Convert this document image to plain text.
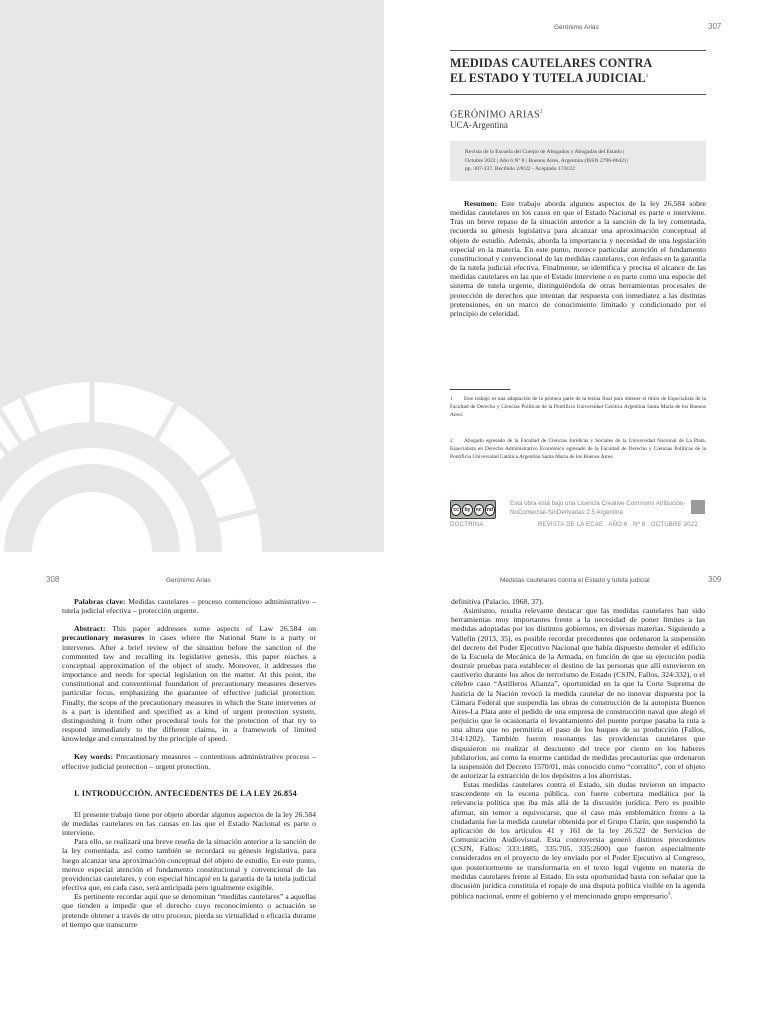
Gerónimo Arias	307
MEDIDAS CAUTELARES CONTRA
EL ESTADO Y TUTELA JUDICIAL$^1$
GERÓNIMO ARIAS$^2$
UCA-Argentina
Revista de la Escuela del Cuerpo de Abogados y Abogadas del Estado |
Octubre 2022 | Año 6 Nº 8 | Buenos Aires, Argentina (ISSN 2796-8642) |
pp. 307-337. Recibido 2/8/22 - Aceptado 17/8/22

Resumen: Este trabajo aborda algunos aspectos de la ley 26.584 sobre medidas cautelares en los casos en que el Estado Nacional es parte o interviene. Tras un breve repaso de la situación anterior a la sanción de la ley comentada, recuerda su génesis legislativa para alcanzar una aproximación conceptual al objeto de estudio. Además, aborda la importancia y necesidad de una legislación especial en la materia. En este punto, merece particular atención el fundamento constitucional y convencional de las medidas cautelares, con énfasis en la garantía de la tutela judicial efectiva. Finalmente, se identifica y precisa el alcance de las medidas cautelares en las que el Estado interviene o es parte como una especie del sistema de tutela urgente, distinguiéndola de otras herramientas procesales de protección de derechos que intentan dar respuesta con inmediatez a las distintas pretensiones, en un marco de conocimiento limitado y condicionado por el principio de celeridad.

1 Este trabajo es una adaptación de la primera parte de la tesina final para obtener el título de Especialista de la Facultad de Derecho y Ciencias Políticas de la Pontificia Universidad Católica Argentina Santa María de los Buenos Aires.

2 Abogado egresado de la Facultad de Ciencias Jurídicas y Sociales de la Universidad Nacional de La Plata. Especialista en Derecho Administrativo Económico egresado de la Facultad de Derecho y Ciencias Políticas de la Pontificia Universidad Católica Argentina Santa María de los Buenos Aires.

cc	by	nc	nd
Esta obra está bajo una Licencia Creative Commons Atribución-NoComercial-SinDerivadas 2.5 Argentina
DOCTRINA	REVISTA DE LA ECAE . AÑO 6 . Nº 8 . OCTUBRE 2022
308	Gerónimo Arias

Palabras clave: Medidas cautelares – proceso contencioso administrativo – tutela judicial efectiva – protección urgente.

Abstract: This paper addresses some aspects of Law 26.584 on precautionary measures in cases where the National State is a party or intervenes. After a brief review of the situation before the sanction of the commented law and recalling its legislative genesis, this paper reaches a conceptual approximation of the object of study. Moreover, it addresses the importance and needs for special legislation on the matter. At this point, the constitutional and conventional foundation of precautionary measures deserves particular focus, emphasizing the guarantee of effective judicial protection. Finally, the scope of the precautionary measures in which the State intervenes or is a part is identified and specified as a kind of urgent protection system, distinguishing it from other procedural tools for the protection of that try to respond immediately to the different claims, in a framework of limited knowledge and constrained by the principle of speed.

Key words: Precautionary measures – contentious administrative process – effective judicial protection – urgent protection.

I. INTRODUCCIÓN. ANTECEDENTES DE LA LEY 26.854

El presente trabajo tiene por objeto abordar algunos aspectos de la ley 26.584 de medidas cautelares en las causas en las que el Estado Nacional es parte o interviene.

Para ello, se realizará una breve reseña de la situación anterior a la sanción de la ley comentada, así como también se recordará su génesis legislativa, para luego alcanzar una aproximación conceptual del objeto de estudio. En este punto, merece especial atención el fundamento constitucional y convencional de las providencias cautelares, y con especial hincapié en la garantía de la tutela judicial efectiva que, en cada caso, será anticipada pero igualmente exigible.

Es pertinente recordar aquí que se denominan “medidas cautelares” a aquellas que tienden a impedir que el derecho cuyo reconocimiento o actuación se pretende obtener a través de otro proceso, pierda su virtualidad o eficacia durante el tiempo que transcurre

Medidas cautelares contra el Estado y tutela judicial	309

definitiva (Palacio, 1968, 37).

Asimismo, resulta relevante destacar que las medidas cautelares han sido herramientas muy importantes frente a la necesidad de poner límites a las medidas adoptadas por los distintos gobiernos, en diversas materias. Siguiendo a Vallefín (2013, 35), es posible recordar precedentes que ordenaron la suspensión del decreto del Poder Ejecutivo Nacional que había dispuesto demoler el edificio de la Escuela de Mecánica de la Armada, en función de que su ejecución podía destruir pruebas para establecer el destino de las personas que allí estuvieron en cautiverio durante los años de terrorismo de Estado (CSJN, Fallos, 324:332), o el célebre caso “Astilleros Alianza”, oportunidad en la que la Corte Suprema de Justicia de la Nación revocó la medida cautelar de no innovar dispuesta por la Cámara Federal que suspendía las obras de construcción de la autopista Buenos Aires-La Plata ante el pedido de una empresa de construcción naval que alegó el perjuicio que le ocasionaría el levantamiento del puente porque pasaba la ruta a una altura que no permitiría el paso de los buques de su producción (Fallos, 314:1202). También fueron resonantes las providencias cautelares que dispusieron no realizar el descuento del trece por ciento en los haberes jubilatorios, así como la enorme cantidad de medidas precautorias que ordenaron la suspensión del Decreto 1570/01, más conocido como “corralito”, con el objeto de autorizar la extracción de los depósitos a los ahorristas.

Estas medidas cautelares contra el Estado, sin dudas tuvieron un impacto trascendente en la escena pública, con fuerte cobertura mediática por la relevancia política que iba más allá de la discusión jurídica. Pero es posible afirmar, sin temor a equivocarse, que el caso más emblemático frente a la ciudadanía fue la medida cautelar obtenida por el Grupo Clarín, que suspendió la aplicación de los artículos 41 y 161 de la ley 26.522 de Servicios de Comunicación Audiovisual. Esta controversia generó distintos precedentes (CSJN, Fallos: 333:1885, 335:705, 335:2600) que fueron especialmente considerados en el proyecto de ley enviado por el Poder Ejecutivo al Congreso, que posteriormente se transformaría en el texto legal vigente en materia de medidas cautelares frente al Estado. En esta oportunidad basta con señalar que la discusión jurídica constituía el ropaje de una disputa política visible en la agenda pública nacional, entre el gobierno y el mencionado grupo empresario$^3$.
